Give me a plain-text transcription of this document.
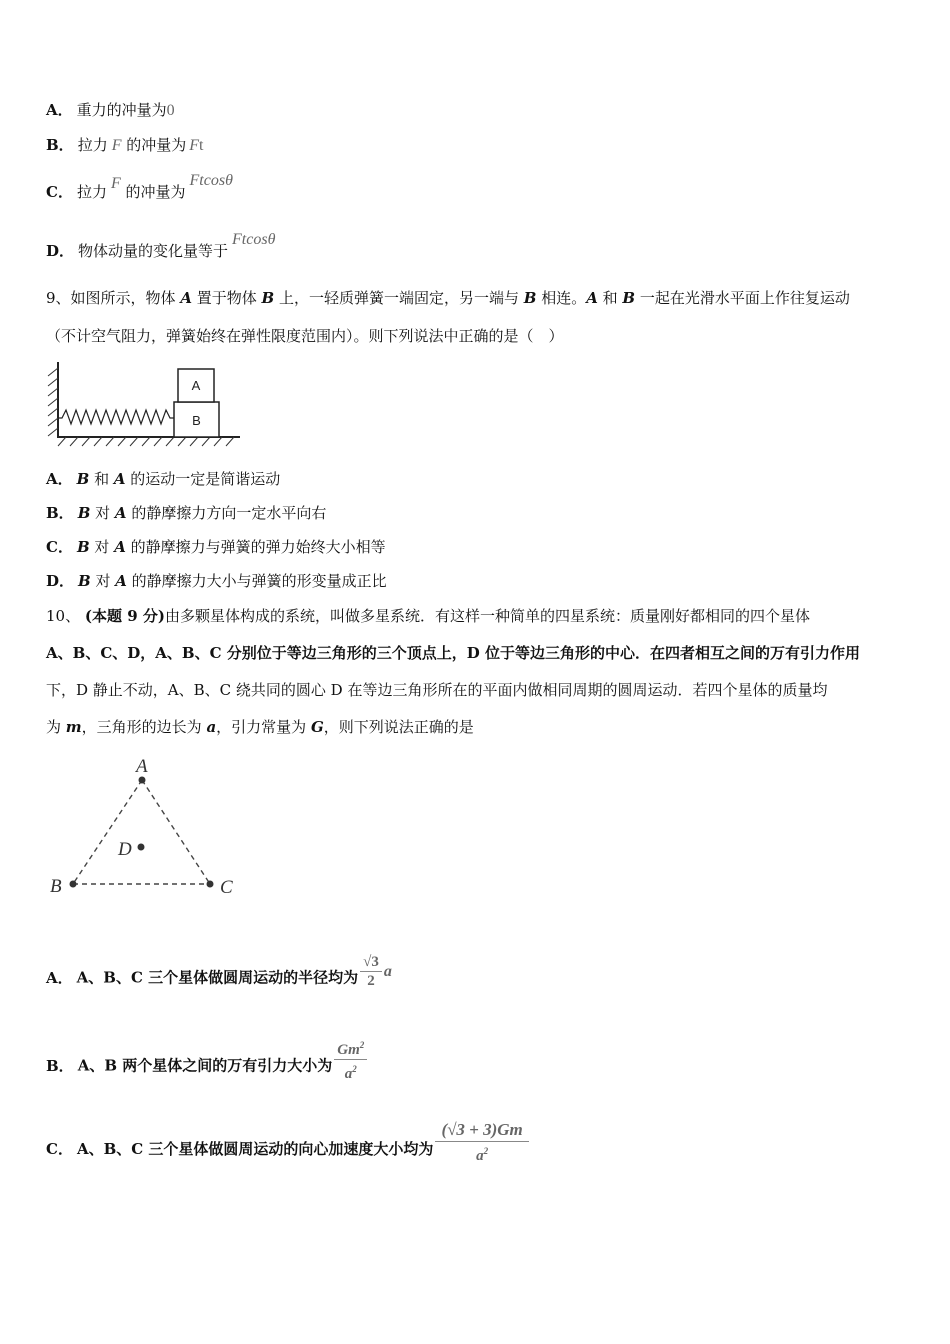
A． 重力的冲量为0
B． 拉力 F 的冲量为 Ft
C． 拉力 F 的冲量为Ftcosθ
D． 物体动量的变化量等于Ftcosθ
9、如图所示，物体 A 置于物体 B 上，一轻质弹簧一端固定，另一端与 B 相连。A 和 B 一起在光滑水平面上作往复运动
（不计空气阻力，弹簧始终在弹性限度范围内）。则下列说法中正确的是（　）
B
A
A． B 和 A 的运动一定是简谐运动
B． B 对 A 的静摩擦力方向一定水平向右
C． B 对 A 的静摩擦力与弹簧的弹力始终大小相等
D． B 对 A 的静摩擦力大小与弹簧的形变量成正比
10、 (本题 9 分)由多颗星体构成的系统，叫做多星系统．有这样一种简单的四星系统：质量刚好都相同的四个星体
A、B、C、D，A、B、C 分别位于等边三角形的三个顶点上，D 位于等边三角形的中心．在四者相互之间的万有引力作用
下，D 静止不动，A、B、C 绕共同的圆心 D 在等边三角形所在的平面内做相同周期的圆周运动．若四个星体的质量均
为 m，三角形的边长为 a，引力常量为 G，则下列说法正确的是
A
B	C
D
A． A、B、C 三个星体做圆周运动的半径均为 $\frac{√3}{2}$ a
B． A、B 两个星体之间的万有引力大小为 $\frac{Gm^2}{a^2}$
C． A、B、C 三个星体做圆周运动的向心加速度大小均为 $\frac{(√3 + 3)Gm}{a^2}$
